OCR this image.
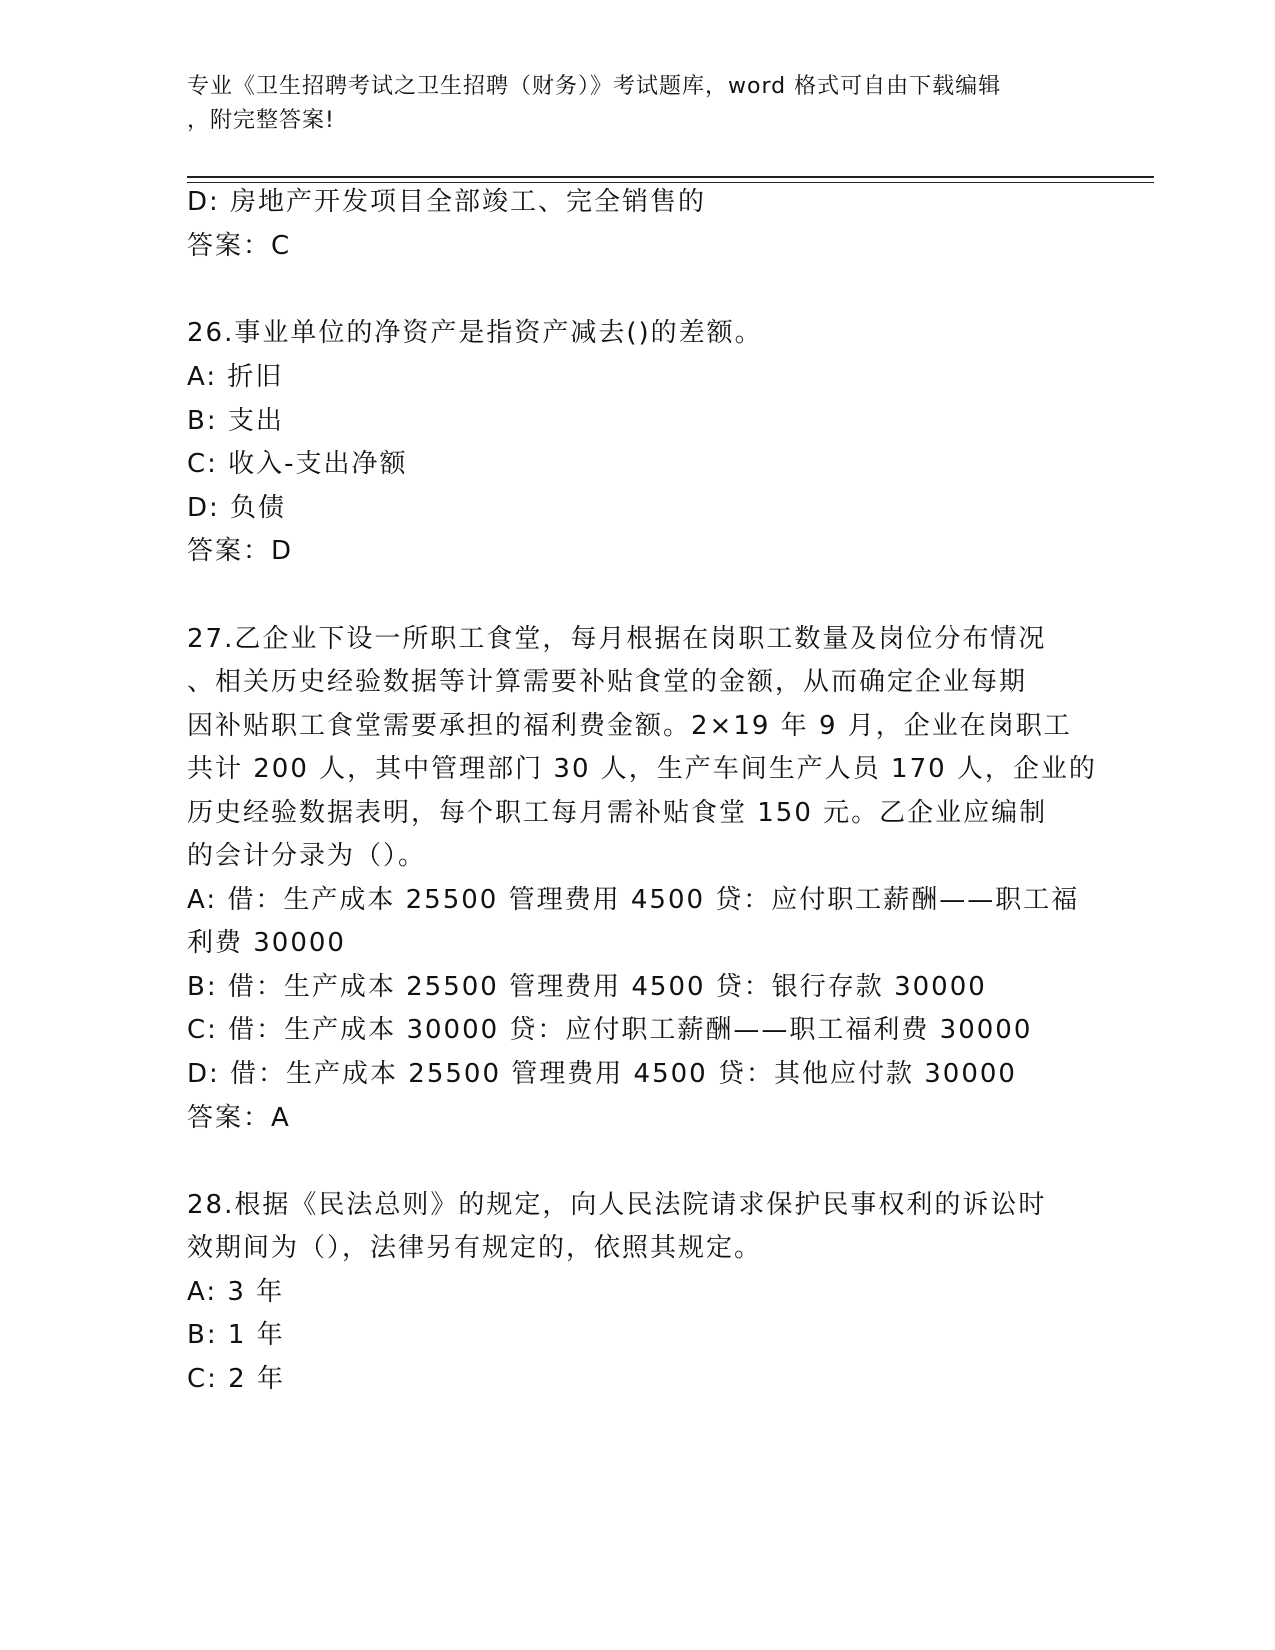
专业《卫生招聘考试之卫生招聘（财务）》考试题库，word 格式可自由下载编辑
，附完整答案!
D: 房地产开发项目全部竣工、完全销售的
答案：C
26.事业单位的净资产是指资产减去()的差额。
A: 折旧
B: 支出
C: 收入-支出净额
D: 负债
答案：D
27.乙企业下设一所职工食堂，每月根据在岗职工数量及岗位分布情况
、相关历史经验数据等计算需要补贴食堂的金额，从而确定企业每期
因补贴职工食堂需要承担的福利费金额。2×19 年 9 月，企业在岗职工
共计 200 人，其中管理部门 30 人，生产车间生产人员 170 人，企业的
历史经验数据表明，每个职工每月需补贴食堂 150 元。乙企业应编制
的会计分录为（）。
A: 借：生产成本 25500 管理费用 4500 贷：应付职工薪酬——职工福
利费 30000
B: 借：生产成本 25500 管理费用 4500 贷：银行存款 30000
C: 借：生产成本 30000 贷：应付职工薪酬——职工福利费 30000
D: 借：生产成本 25500 管理费用 4500 贷：其他应付款 30000
答案：A
28.根据《民法总则》的规定，向人民法院请求保护民事权利的诉讼时
效期间为（），法律另有规定的，依照其规定。
A: 3 年
B: 1 年
C: 2 年
